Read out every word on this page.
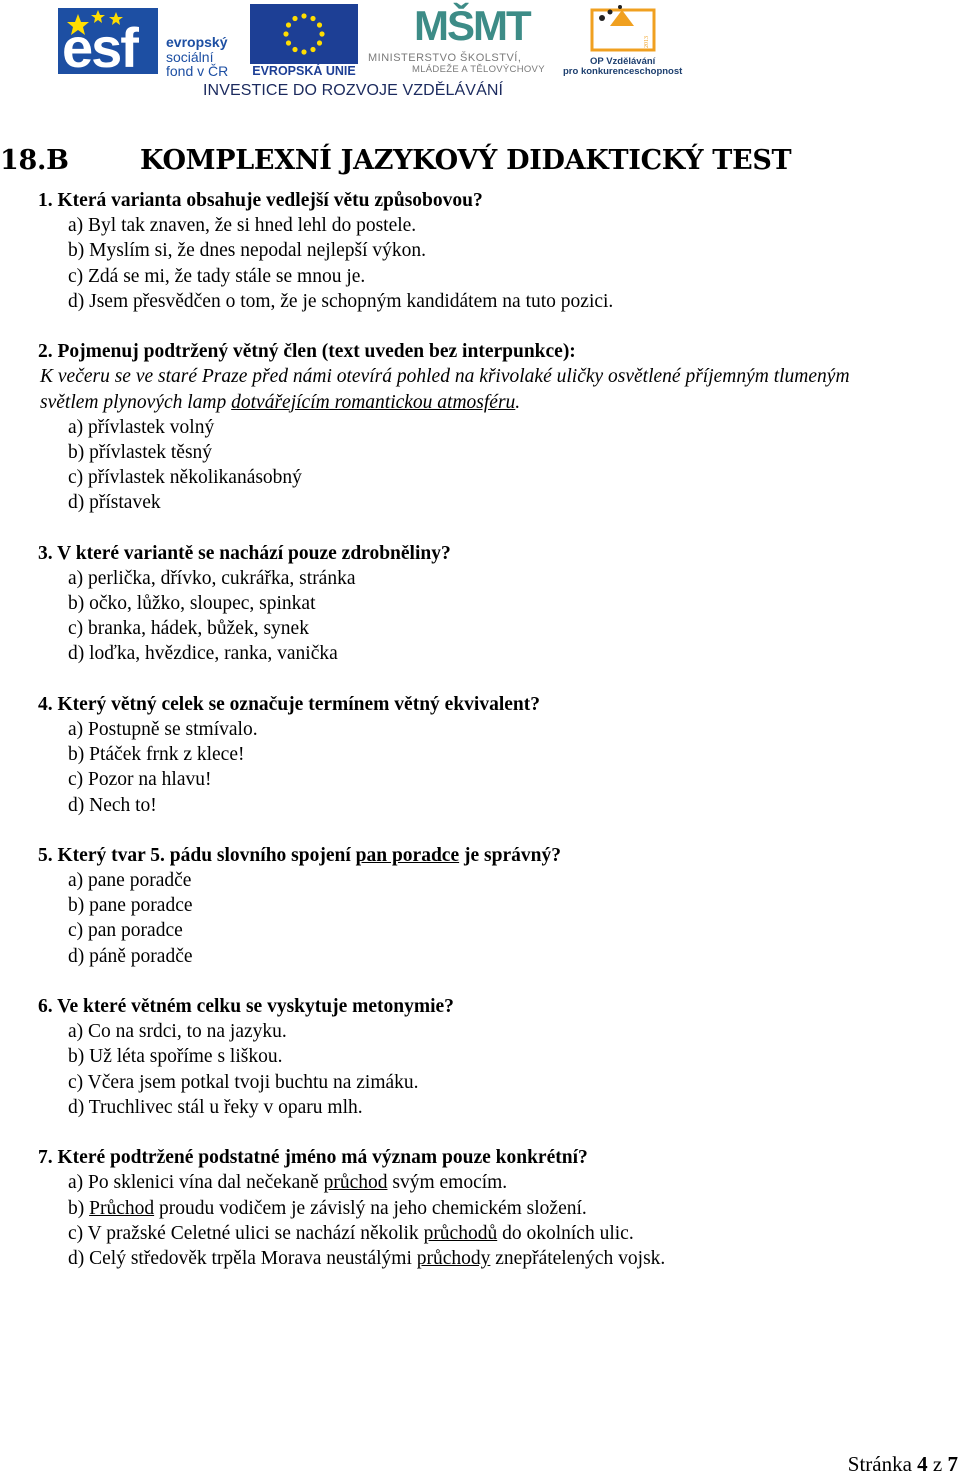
esf evropský
sociální
fond v ČR EVROPSKÁ UNIE
MŠMT
MINISTERSTVO ŠKOLSTVÍ,
MLÁDEŽE A TĚLOVÝCHOVY
2013
OP Vzdělávání
pro konkurenceschopnost
INVESTICE DO ROZVOJE VZDĚLÁVÁNÍ
18.B	KOMPLEXNÍ JAZYKOVÝ DIDAKTICKÝ TEST
1. Která varianta obsahuje vedlejší větu způsobovou?
a) Byl tak znaven, že si hned lehl do postele.
b) Myslím si, že dnes nepodal nejlepší výkon.
c) Zdá se mi, že tady stále se mnou je.
d) Jsem přesvědčen o tom, že je schopným kandidátem na tuto pozici.
2. Pojmenuj podtržený větný člen (text uveden bez interpunkce):
K večeru se ve staré Praze před námi otevírá pohled na křivolaké uličky osvětlené příjemným tlumeným
světlem plynových lamp dotvářejícím romantickou atmosféru.
a) přívlastek volný
b) přívlastek těsný
c) přívlastek několikanásobný
d) přístavek
3. V které variantě se nachází pouze zdrobněliny?
a) perlička, dřívko, cukrářka, stránka
b) očko, lůžko, sloupec, spinkat
c) branka, hádek, bůžek, synek
d) loďka, hvězdice, ranka, vanička
4. Který větný celek se označuje termínem větný ekvivalent?
a) Postupně se stmívalo.
b) Ptáček frnk z klece!
c) Pozor na hlavu!
d) Nech to!
5. Který tvar 5. pádu slovního spojení pan poradce je správný?
a) pane poradče
b) pane poradce
c) pan poradce
d) páně poradče
6. Ve které větném celku se vyskytuje metonymie?
a) Co na srdci, to na jazyku.
b) Už léta spoříme s liškou.
c) Včera jsem potkal tvoji buchtu na zimáku.
d) Truchlivec stál u řeky v oparu mlh.
7. Které podtržené podstatné jméno má význam pouze konkrétní?
a) Po sklenici vína dal nečekaně průchod svým emocím.
b) Průchod proudu vodičem je závislý na jeho chemickém složení.
c) V pražské Celetné ulici se nachází několik průchodů do okolních ulic.
d) Celý středověk trpěla Morava neustálými průchody znepřátelených vojsk.
Stránka 4 z 7
